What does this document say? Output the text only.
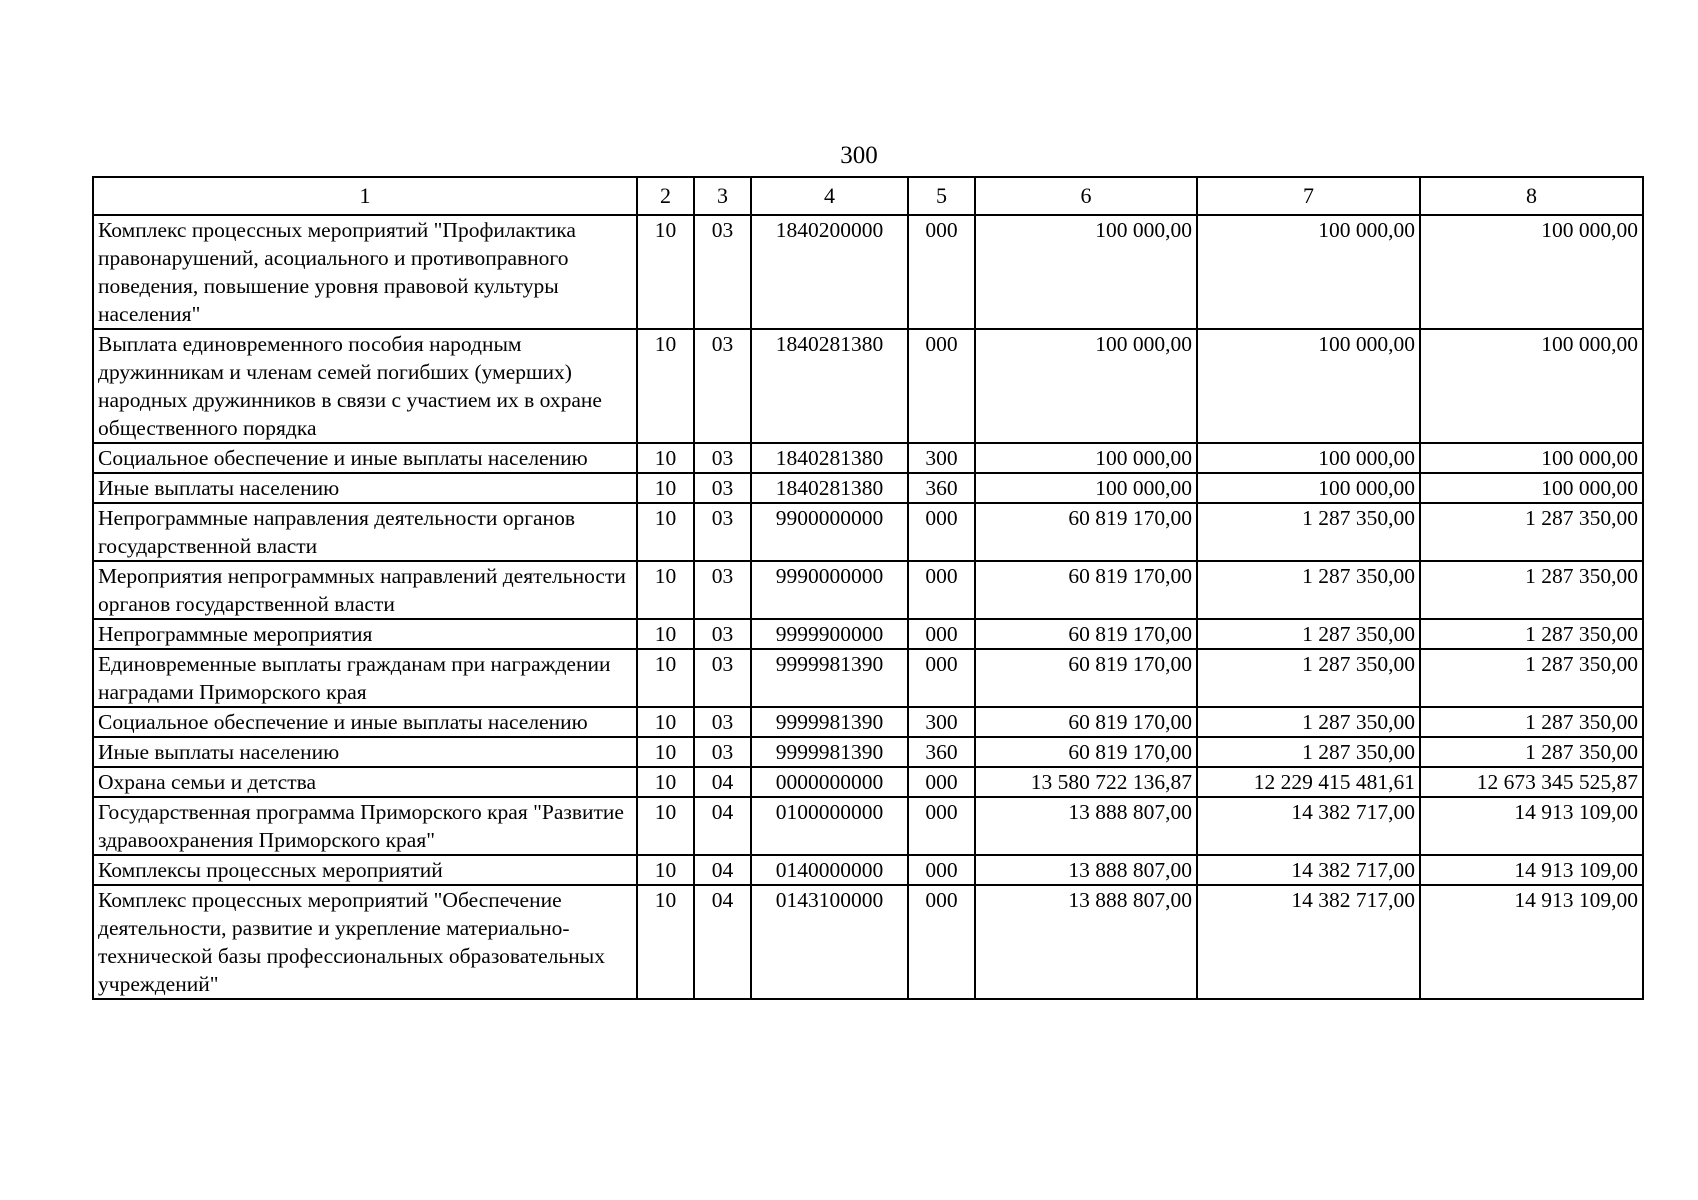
300
1	2	3	4	5	6	7	8
Комплекс процессных мероприятий "Профилактика правонарушений, асоциального и противоправного поведения, повышение уровня правовой культуры населения"	10	03	1840200000	000	100 000,00	100 000,00	100 000,00
Выплата единовременного пособия народным дружинникам и членам семей погибших (умерших) народных дружинников в связи с участием их в охране общественного порядка	10	03	1840281380	000	100 000,00	100 000,00	100 000,00
Социальное обеспечение и иные выплаты населению	10	03	1840281380	300	100 000,00	100 000,00	100 000,00
Иные выплаты населению	10	03	1840281380	360	100 000,00	100 000,00	100 000,00
Непрограммные направления деятельности органов государственной власти	10	03	9900000000	000	60 819 170,00	1 287 350,00	1 287 350,00
Мероприятия непрограммных направлений деятельности органов государственной власти	10	03	9990000000	000	60 819 170,00	1 287 350,00	1 287 350,00
Непрограммные мероприятия	10	03	9999900000	000	60 819 170,00	1 287 350,00	1 287 350,00
Единовременные выплаты гражданам при награждении наградами Приморского края	10	03	9999981390	000	60 819 170,00	1 287 350,00	1 287 350,00
Социальное обеспечение и иные выплаты населению	10	03	9999981390	300	60 819 170,00	1 287 350,00	1 287 350,00
Иные выплаты населению	10	03	9999981390	360	60 819 170,00	1 287 350,00	1 287 350,00
Охрана семьи и детства	10	04	0000000000	000	13 580 722 136,87	12 229 415 481,61	12 673 345 525,87
Государственная программа Приморского края "Развитие здравоохранения Приморского края"	10	04	0100000000	000	13 888 807,00	14 382 717,00	14 913 109,00
Комплексы процессных мероприятий	10	04	0140000000	000	13 888 807,00	14 382 717,00	14 913 109,00
Комплекс процессных мероприятий "Обеспечение деятельности, развитие и укрепление материально-технической базы профессиональных образовательных учреждений"	10	04	0143100000	000	13 888 807,00	14 382 717,00	14 913 109,00
